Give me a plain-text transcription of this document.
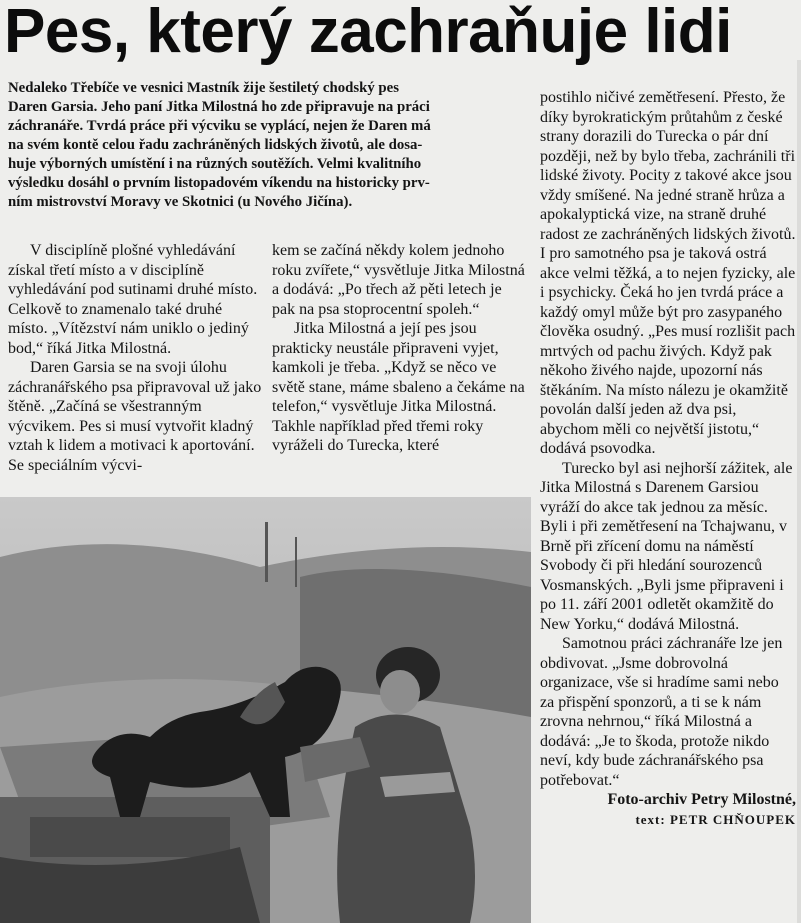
Pes, který zachraňuje lidi
Nedaleko Třebíče ve vesnici Mastník žije šestiletý chodský pes
Daren Garsia. Jeho paní Jitka Milostná ho zde připravuje na práci
záchranáře. Tvrdá práce při výcviku se vyplácí, nejen že Daren má
na svém kontě celou řadu zachráněných lidských životů, ale dosa-
huje výborných umístění i na různých soutěžích. Velmi kvalitního
výsledku dosáhl o prvním listopadovém víkendu na historicky prv-
ním mistrovství Moravy ve Skotnici (u Nového Jičína).

V disciplíně plošné vyhledávání získal třetí místo a v disciplíně vyhledávání pod sutinami druhé místo. Celkově to znamenalo také druhé místo. „Vítězství nám uniklo o jediný bod,“ říká Jitka Milostná.

Daren Garsia se na svoji úlohu záchranářského psa připravoval už jako štěně. „Začíná se všestranným výcvikem. Pes si musí vytvořit kladný vztah k lidem a motivaci k aportování. Se speciálním výcvi-

kem se začíná někdy kolem jednoho roku zvířete,“ vysvětluje Jitka Milostná a dodává: „Po třech až pěti letech je pak na psa stoprocentní spoleh.“

Jitka Milostná a její pes jsou prakticky neustále připraveni vyjet, kamkoli je třeba. „Když se něco ve světě stane, máme sbaleno a čekáme na telefon,“ vysvětluje Jitka Milostná. Takhle například před třemi roky vyráželi do Turecka, které

postihlo ničivé zemětřesení. Přesto, že díky byrokratickým průtahům z české strany dorazili do Turecka o pár dní později, než by bylo třeba, zachránili tři lidské životy. Pocity z takové akce jsou vždy smíšené. Na jedné straně hrůza a apokalyptická vize, na straně druhé radost ze zachráněných lidských životů. I pro samotného psa je taková ostrá akce velmi těžká, a to nejen fyzicky, ale i psychicky. Čeká ho jen tvrdá práce a každý omyl může být pro zasypaného člověka osudný. „Pes musí rozlišit pach mrtvých od pachu živých. Když pak někoho živého najde, upozorní nás štěkáním. Na místo nálezu je okamžitě povolán další jeden až dva psi, abychom měli co největší jistotu,“ dodává psovodka.

Turecko byl asi nejhorší zážitek, ale Jitka Milostná s Darenem Garsiou vyráží do akce tak jednou za měsíc. Byli i při zemětřesení na Tchajwanu, v Brně při zřícení domu na náměstí Svobody či při hledání sourozenců Vosmanských. „Byli jsme připraveni i po 11. září 2001 odletět okamžitě do New Yorku,“ dodává Milostná.

Samotnou práci záchranáře lze jen obdivovat. „Jsme dobrovolná organizace, vše si hradíme sami nebo za přispění sponzorů, a ti se k nám zrovna nehrnou,“ říká Milostná a dodává: „Je to škoda, protože nikdo neví, kdy bude záchranářského psa potřebovat.“

Foto-archiv Petry Milostné,

text: PETR CHŇOUPEK
